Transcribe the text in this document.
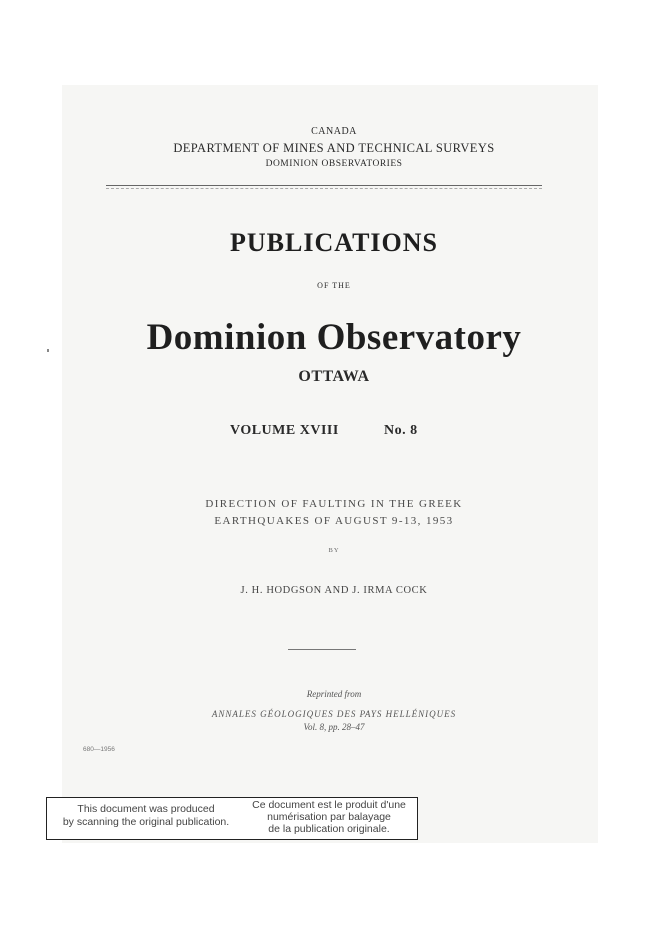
CANADA
DEPARTMENT OF MINES AND TECHNICAL SURVEYS
DOMINION OBSERVATORIES
PUBLICATIONS
OF THE
Dominion Observatory
OTTAWA
VOLUME XVIII	No. 8
DIRECTION OF FAULTING IN THE GREEK
EARTHQUAKES OF AUGUST 9-13, 1953
BY
J. H. HODGSON AND J. IRMA COCK
Reprinted from
ANNALES GÉOLOGIQUES DES PAYS HELLÉNIQUES
Vol. 8, pp. 28–47
680—1956
This document was produced
by scanning the original publication.
Ce document est le produit d'une
numérisation par balayage
de la publication originale.
